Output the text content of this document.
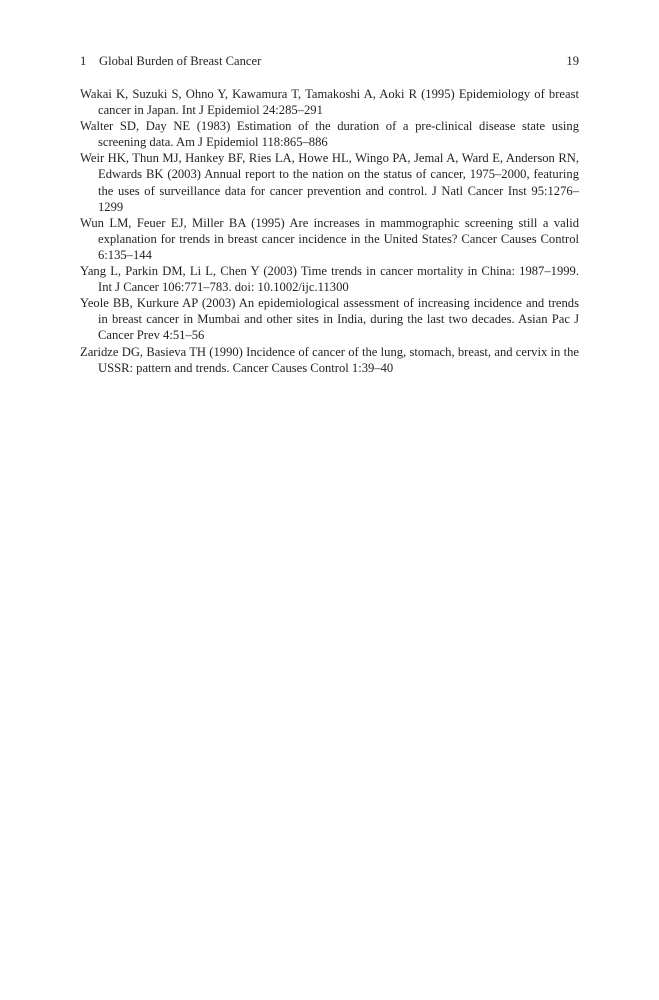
1 Global Burden of Breast Cancer	19
Wakai K, Suzuki S, Ohno Y, Kawamura T, Tamakoshi A, Aoki R (1995) Epidemiology of breast cancer in Japan. Int J Epidemiol 24:285–291
Walter SD, Day NE (1983) Estimation of the duration of a pre-clinical disease state using screening data. Am J Epidemiol 118:865–886
Weir HK, Thun MJ, Hankey BF, Ries LA, Howe HL, Wingo PA, Jemal A, Ward E, Anderson RN, Edwards BK (2003) Annual report to the nation on the status of cancer, 1975–2000, featuring the uses of surveillance data for cancer prevention and control. J Natl Cancer Inst 95:1276–1299
Wun LM, Feuer EJ, Miller BA (1995) Are increases in mammographic screening still a valid explanation for trends in breast cancer incidence in the United States? Cancer Causes Control 6:135–144
Yang L, Parkin DM, Li L, Chen Y (2003) Time trends in cancer mortality in China: 1987–1999. Int J Cancer 106:771–783. doi: 10.1002/ijc.11300
Yeole BB, Kurkure AP (2003) An epidemiological assessment of increasing incidence and trends in breast cancer in Mumbai and other sites in India, during the last two decades. Asian Pac J Cancer Prev 4:51–56
Zaridze DG, Basieva TH (1990) Incidence of cancer of the lung, stomach, breast, and cervix in the USSR: pattern and trends. Cancer Causes Control 1:39–40
